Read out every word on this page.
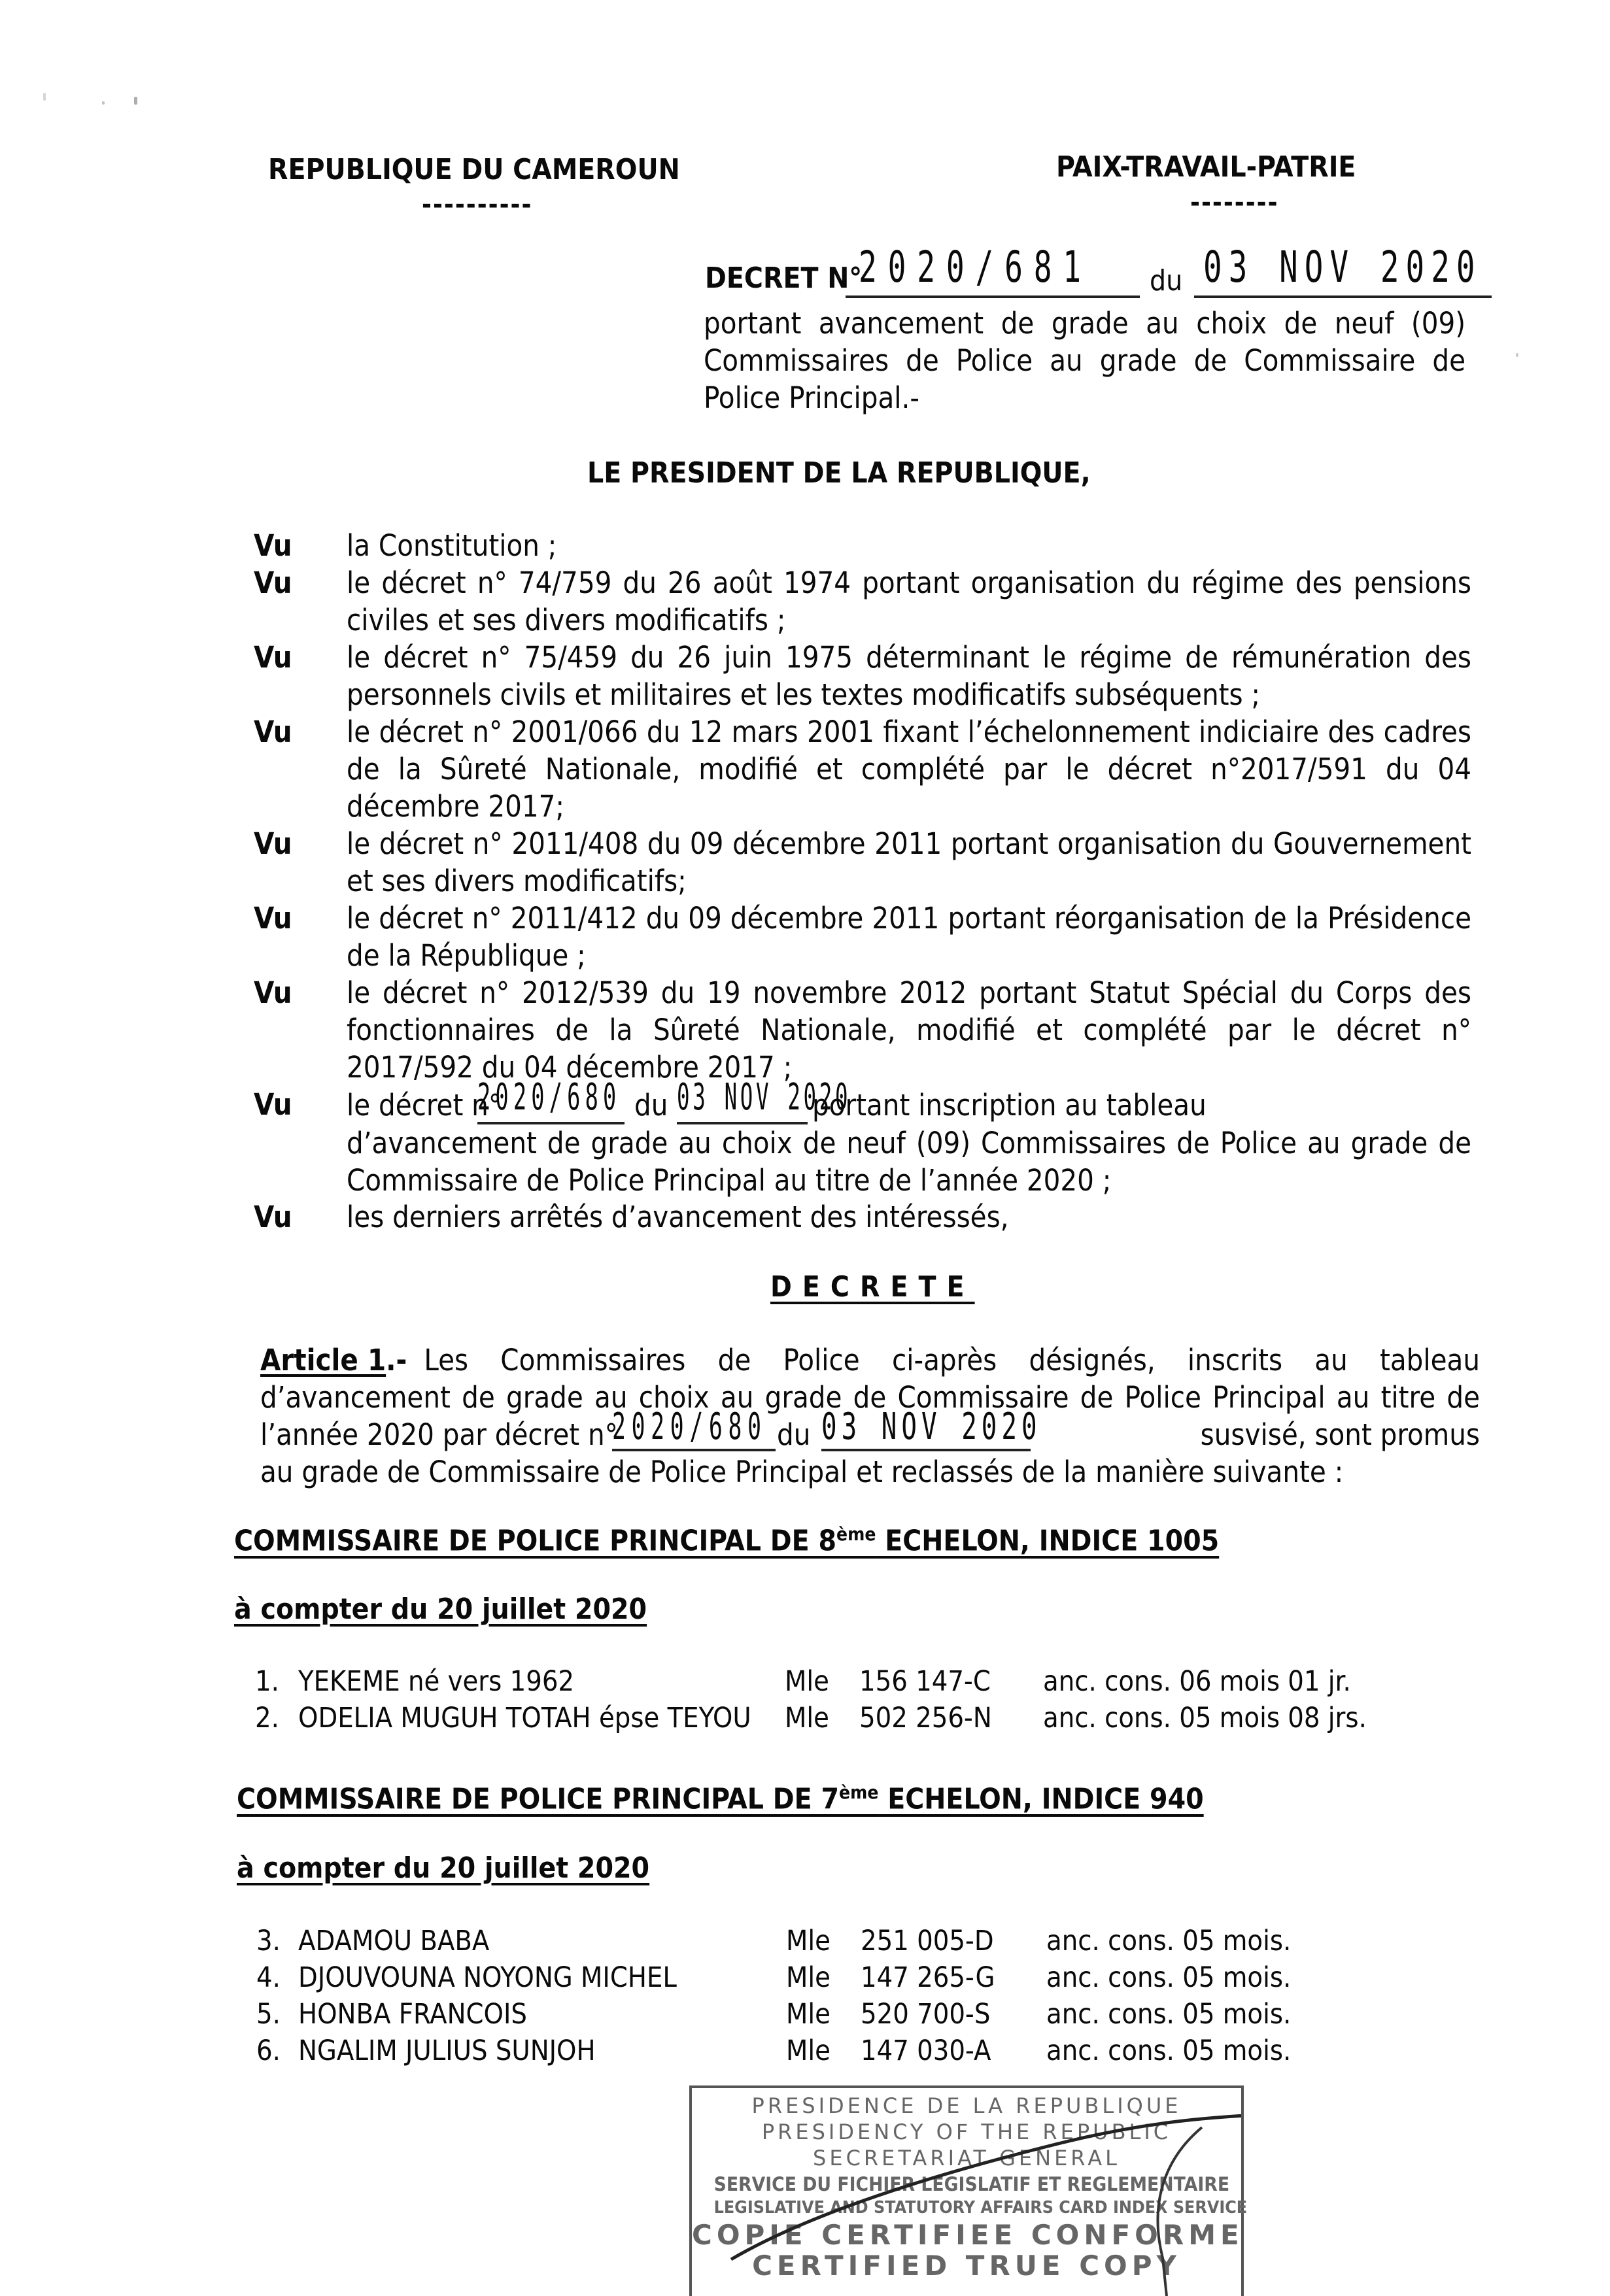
REPUBLIQUE DU CAMEROUN
----------
PAIX-TRAVAIL-PATRIE
--------
DECRET N°
2020/681	du 03 NOV 2020
portant avancement de grade au choix de neuf (09) Commissaires de Police au grade de Commissaire de Police Principal.-
LE PRESIDENT DE LA REPUBLIQUE,
Vu la Constitution ;
Vu le décret n° 74/759 du 26 août 1974 portant organisation du régime des pensions civiles et ses divers modificatifs ;
Vu le décret n° 75/459 du 26 juin 1975 déterminant le régime de rémunération des personnels civils et militaires et les textes modificatifs subséquents ;
Vu le décret n° 2001/066 du 12 mars 2001 fixant l’échelonnement indiciaire des cadres de la Sûreté Nationale, modifié et complété par le décret n°2017/591 du 04 décembre 2017;
Vu le décret n° 2011/408 du 09 décembre 2011 portant organisation du Gouvernement et ses divers modificatifs;
Vu le décret n° 2011/412 du 09 décembre 2011 portant réorganisation de la Présidence de la République ;
Vu le décret n° 2012/539 du 19 novembre 2012 portant Statut Spécial du Corps des fonctionnaires de la Sûreté Nationale, modifié et complété par le décret n° 2017/592 du 04 décembre 2017 ;
Vu le décret n°
2020/680 du 03 NOV 2020
portant inscription au tableau
d’avancement de grade au choix de neuf (09) Commissaires de Police au grade de Commissaire de Police Principal au titre de l’année 2020 ;
Vu les derniers arrêtés d’avancement des intéressés,
DECRETE
Article 1.- Les Commissaires de Police ci-après désignés, inscrits au tableau
d’avancement de grade au choix au grade de Commissaire de Police Principal au titre de
l’année 2020 par décret n°
2020/680 du 03 NOV 2020	susvisé, sont promus
au grade de Commissaire de Police Principal et reclassés de la manière suivante :
COMMISSAIRE DE POLICE PRINCIPAL DE 8ème ECHELON, INDICE 1005
à compter du 20 juillet 2020
1. YEKEME né vers 1962	Mle 156 147-C anc. cons. 06 mois 01 jr.
2. ODELIA MUGUH TOTAH épse TEYOU Mle 502 256-N anc. cons. 05 mois 08 jrs.
COMMISSAIRE DE POLICE PRINCIPAL DE 7ème ECHELON, INDICE 940
à compter du 20 juillet 2020
3. ADAMOU BABA	Mle 251 005-D anc. cons. 05 mois.
4. DJOUVOUNA NOYONG MICHEL	Mle 147 265-G anc. cons. 05 mois.
5. HONBA FRANCOIS	Mle 520 700-S anc. cons. 05 mois.
6. NGALIM JULIUS SUNJOH	Mle 147 030-A anc. cons. 05 mois.
PRESIDENCE DE LA REPUBLIQUE
PRESIDENCY OF THE REPUBLIC
SECRETARIAT GENERAL
SERVICE DU FICHIER LEGISLATIF ET REGLEMENTAIRE
LEGISLATIVE AND STATUTORY AFFAIRS CARD INDEX SERVICE
COPIE CERTIFIEE CONFORME
CERTIFIED TRUE COPY
